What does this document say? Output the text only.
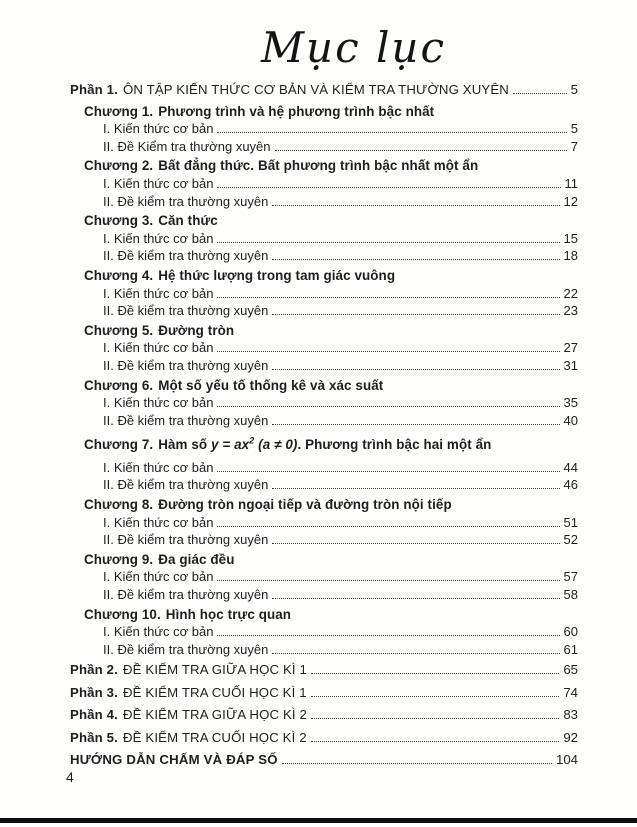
Mục lục
Phần 1. ÔN TẬP KIẾN THỨC CƠ BẢN VÀ KIỂM TRA THƯỜNG XUYÊN	5
Chương 1. Phương trình và hệ phương trình bậc nhất
I. Kiến thức cơ bản	5
II. Đề Kiểm tra thường xuyên	7
Chương 2. Bất đẳng thức. Bất phương trình bậc nhất một ẩn
I. Kiến thức cơ bản	11
II. Đề kiểm tra thường xuyên	12
Chương 3. Căn thức
I. Kiến thức cơ bản	15
II. Đề kiểm tra thường xuyên	18
Chương 4. Hệ thức lượng trong tam giác vuông
I. Kiến thức cơ bản	22
II. Đề kiểm tra thường xuyên	23
Chương 5. Đường tròn
I. Kiến thức cơ bản	27
II. Đề kiểm tra thường xuyên	31
Chương 6. Một số yếu tố thống kê và xác suất
I. Kiến thức cơ bản	35
II. Đề kiểm tra thường xuyên	40
Chương 7. Hàm số $y = ax^2$ (a ≠ 0). Phương trình bậc hai một ẩn
I. Kiến thức cơ bản	44
II. Đề kiểm tra thường xuyên	46
Chương 8. Đường tròn ngoại tiếp và đường tròn nội tiếp
I. Kiến thức cơ bản	51
II. Đề kiểm tra thường xuyên	52
Chương 9. Đa giác đều
I. Kiến thức cơ bản	57
II. Đề kiểm tra thường xuyên	58
Chương 10. Hình học trực quan
I. Kiến thức cơ bản	60
II. Đề kiểm tra thường xuyên	61
Phần 2. ĐỀ KIỂM TRA GIỮA HỌC KÌ 1	65
Phần 3. ĐỀ KIỂM TRA CUỐI HỌC KÌ 1	74
Phần 4. ĐỀ KIỂM TRA GIỮA HỌC KÌ 2	83
Phần 5. ĐỀ KIỂM TRA CUỐI HỌC KÌ 2	92
HƯỚNG DẪN CHẤM VÀ ĐÁP SỐ	104
4
